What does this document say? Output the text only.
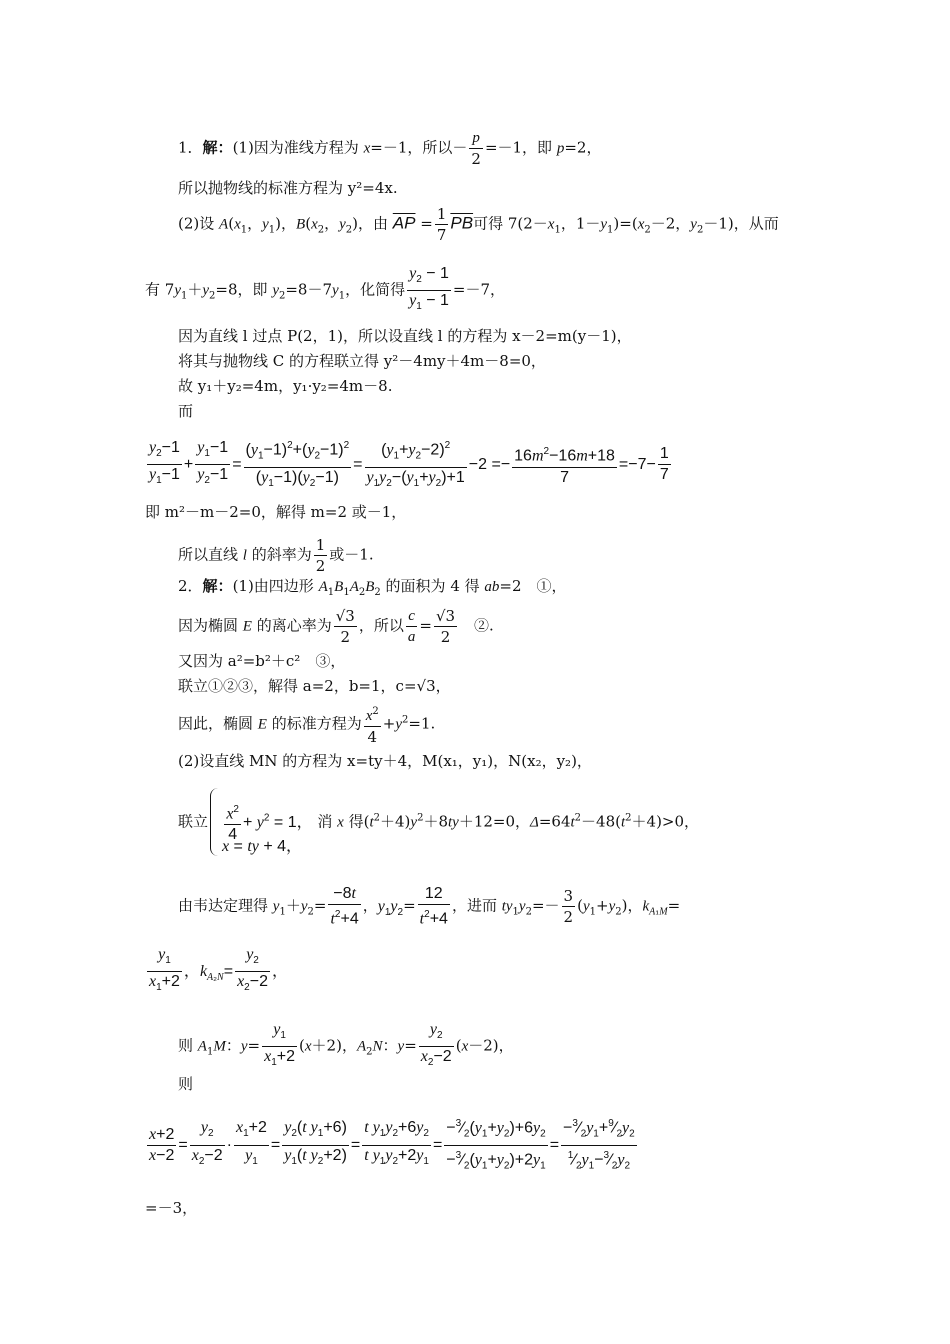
1．解：(1)因为准线方程为 x=－1，所以－ $\frac{p}{2} =-1$，即 p=2，
所以抛物线的标准方程为 y²=4x.
(2)设 $A(x_1$，$y_1$)，$B(x_2$，$y_2$)，由 $\overline{AP} = \frac{1}{7} \overline{PB}$可得 $7(2-x_1$，$1-y_1)=(x_2-2$，$y_2-1$)，从而
有 $7y_1+y_2=8$，即 $y_2=8-7y_1$，化简得 $\frac{y_2 - 1}{y_1 - 1} =-7$，
因为直线 l 过点 P(2，1)，所以设直线 l 的方程为 x－2=m(y－1)，
将其与抛物线 C 的方程联立得 y²－4my＋4m－8=0，
故 y₁＋y₂=4m，y₁·y₂=4m－8.
而
$\frac{y_2-1}{y_1-1} + \frac{y_1-1}{y_2-1} = \frac{(y_1-1)^2+(y_2-1)^2}{(y_1-1)(y_2-1)} = \frac{(y_1+y_2-2)^2}{y_1y_2-(y_1+y_2)+1} -2 =- \frac{16m^2-16m+18}{7} =-7- \frac{1}{7}$
即 m²－m－2=0，解得 m=2 或－1，
所以直线 l 的斜率为 $\frac{1}{2}$ 或－1.
2．解：(1)由四边形 $A_1B_1A_2B_2$ 的面积为 4 得 ab=2　①，
因为椭圆 E 的离心率为 $\frac{√3}{2}$ ，所以 $\frac{c}{a} = \frac{√3}{2}$ 　②.
又因为 a²=b²＋c²　③，
联立①②③，解得 a=2，b=1，c=√3，
因此，椭圆 E 的标准方程为 $\frac{x^2}{4} +y^2=1$.
(2)设直线 MN 的方程为 x=ty＋4，M(x₁，y₁)，N(x₂，y₂)，
联立 $\frac{x^2}{4} + y^2 = 1$， 消 x 得$(t^2+4)y^2+8ty+12=0$，$\Delta=64t^2-48(t^2+4)>0$，
x = ty + 4，
由韦达定理得 $y_1+y_2= \frac{-8t}{t^2+4}$ ，$y_1y_2= \frac{12}{t^2+4}$ ，进而 $ty_1y_2=- \frac{3}{2} (y_1+y_2)$，$k_{A_1M}=$
$\frac{y_1}{x_1+2}$ ，$k_{A_2N}= \frac{y_2}{x_2-2}$ ，
则 $A_1M$：$y= \frac{y_1}{x_1+2} (x+2)$，$A_2N$：$y= \frac{y_2}{x_2-2} (x-2)$，
则
$\frac{x+2}{x-2} = \frac{y_2}{x_2-2} \cdot \frac{x_1+2}{y_1} = \frac{y_2(t y_1+6)}{y_1(t y_2+2)} = \frac{t y_1y_2+6y_2}{t y_1y_2+2y_1} = \frac{-^3⁄_2(y_1+y_2)+6y_2}{-^3⁄_2(y_1+y_2)+2y_1} = \frac{-^3⁄_2y_1+^9⁄_2y_2}{^1⁄_2y_1-^3⁄_2y_2}$
=－3，
